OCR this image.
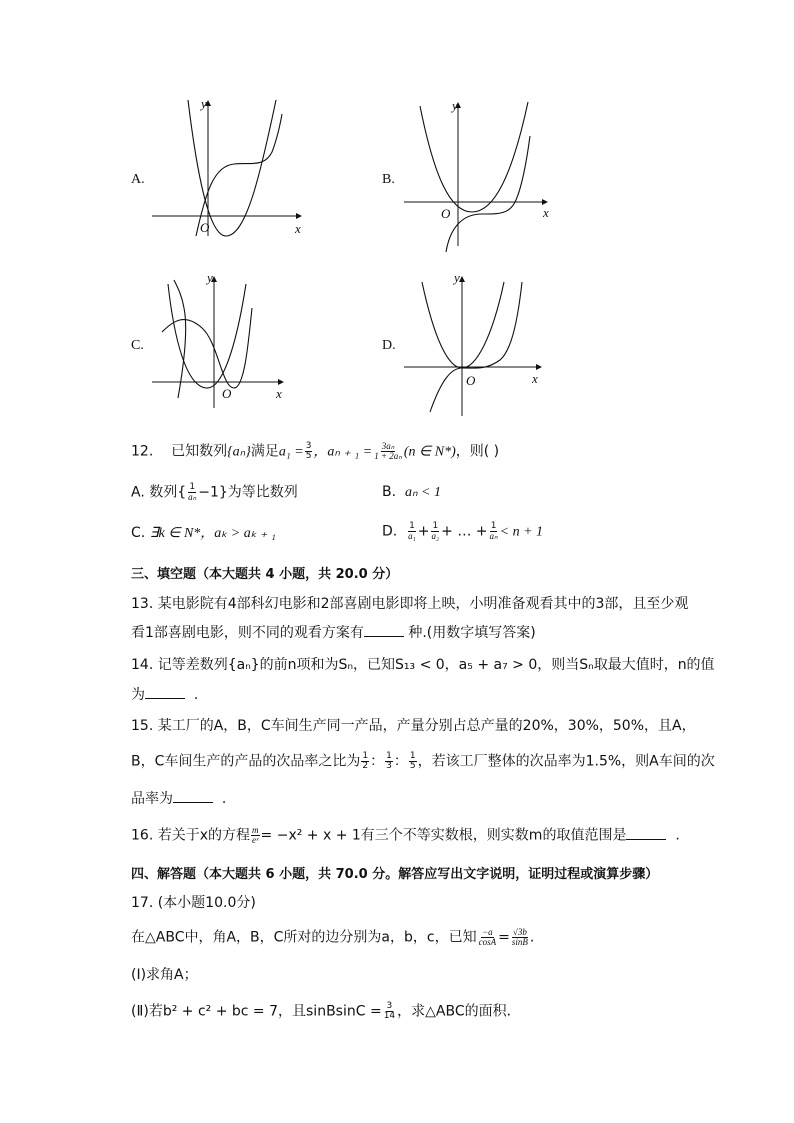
A.
y
O	x
B.
y
O	x
C.
y
O	x
D.
y
O	x
12. 已知数列{aₙ}满足$a_1 = \frac{3}{5}$ ，aₙ ₊ $_1 = \frac{\text{3aₙ}}{\text{1 + 2aₙ}} (n$ ∈ N*)，则( )
A. 数列{ $\frac{1}{\text{aₙ}} -1$}为等比数列	B. aₙ < 1
C. ∃k ∈ N*，aₖ > aₖ ₊ ₁	D. $\frac{1}{\text{a₁}} + \frac{1}{\text{a₂}}$ + … + $\frac{1}{\text{aₙ}} < n + 1$
三、填空题（本大题共 4 小题，共 20.0 分）
13. 某电影院有4部科幻电影和2部喜剧电影即将上映，小明准备观看其中的3部，且至少观
看1部喜剧电影，则不同的观看方案有	种.(用数字填写答案)
14. 记等差数列{aₙ}的前n项和为Sₙ，已知S₁₃ < 0，a₅ + a₇ > 0，则当Sₙ取最大值时，n的值
为	.
15. 某工厂的A，B，C车间生产同一产品，产量分别占总产量的20%，30%，50%，且A，
B，C车间生产的产品的次品率之比为 $\frac{1}{2}$ ： $\frac{1}{3}$ ： $\frac{1}{5}$ ，若该工厂整体的次品率为1.5%，则A车间的次
品率为	.
16. 若关于x的方程 $\frac{m}{\text{eˣ}} = -x^2 + x + 1$有三个不等实数根，则实数m的取值范围是	.
四、解答题（本大题共 6 小题，共 70.0 分。解答应写出文字说明，证明过程或演算步骤）
17. (本小题10.0分)
在△ABC中，角A，B，C所对的边分别为a，b，c，已知 $\frac{-a}{\cos A} = \frac{√3b}{\sin B}$ .
(Ⅰ)求角A；
(Ⅱ)若b² + c² + bc = 7，且sinBsinC = $\frac{3}{14}$ ，求△ABC的面积．
